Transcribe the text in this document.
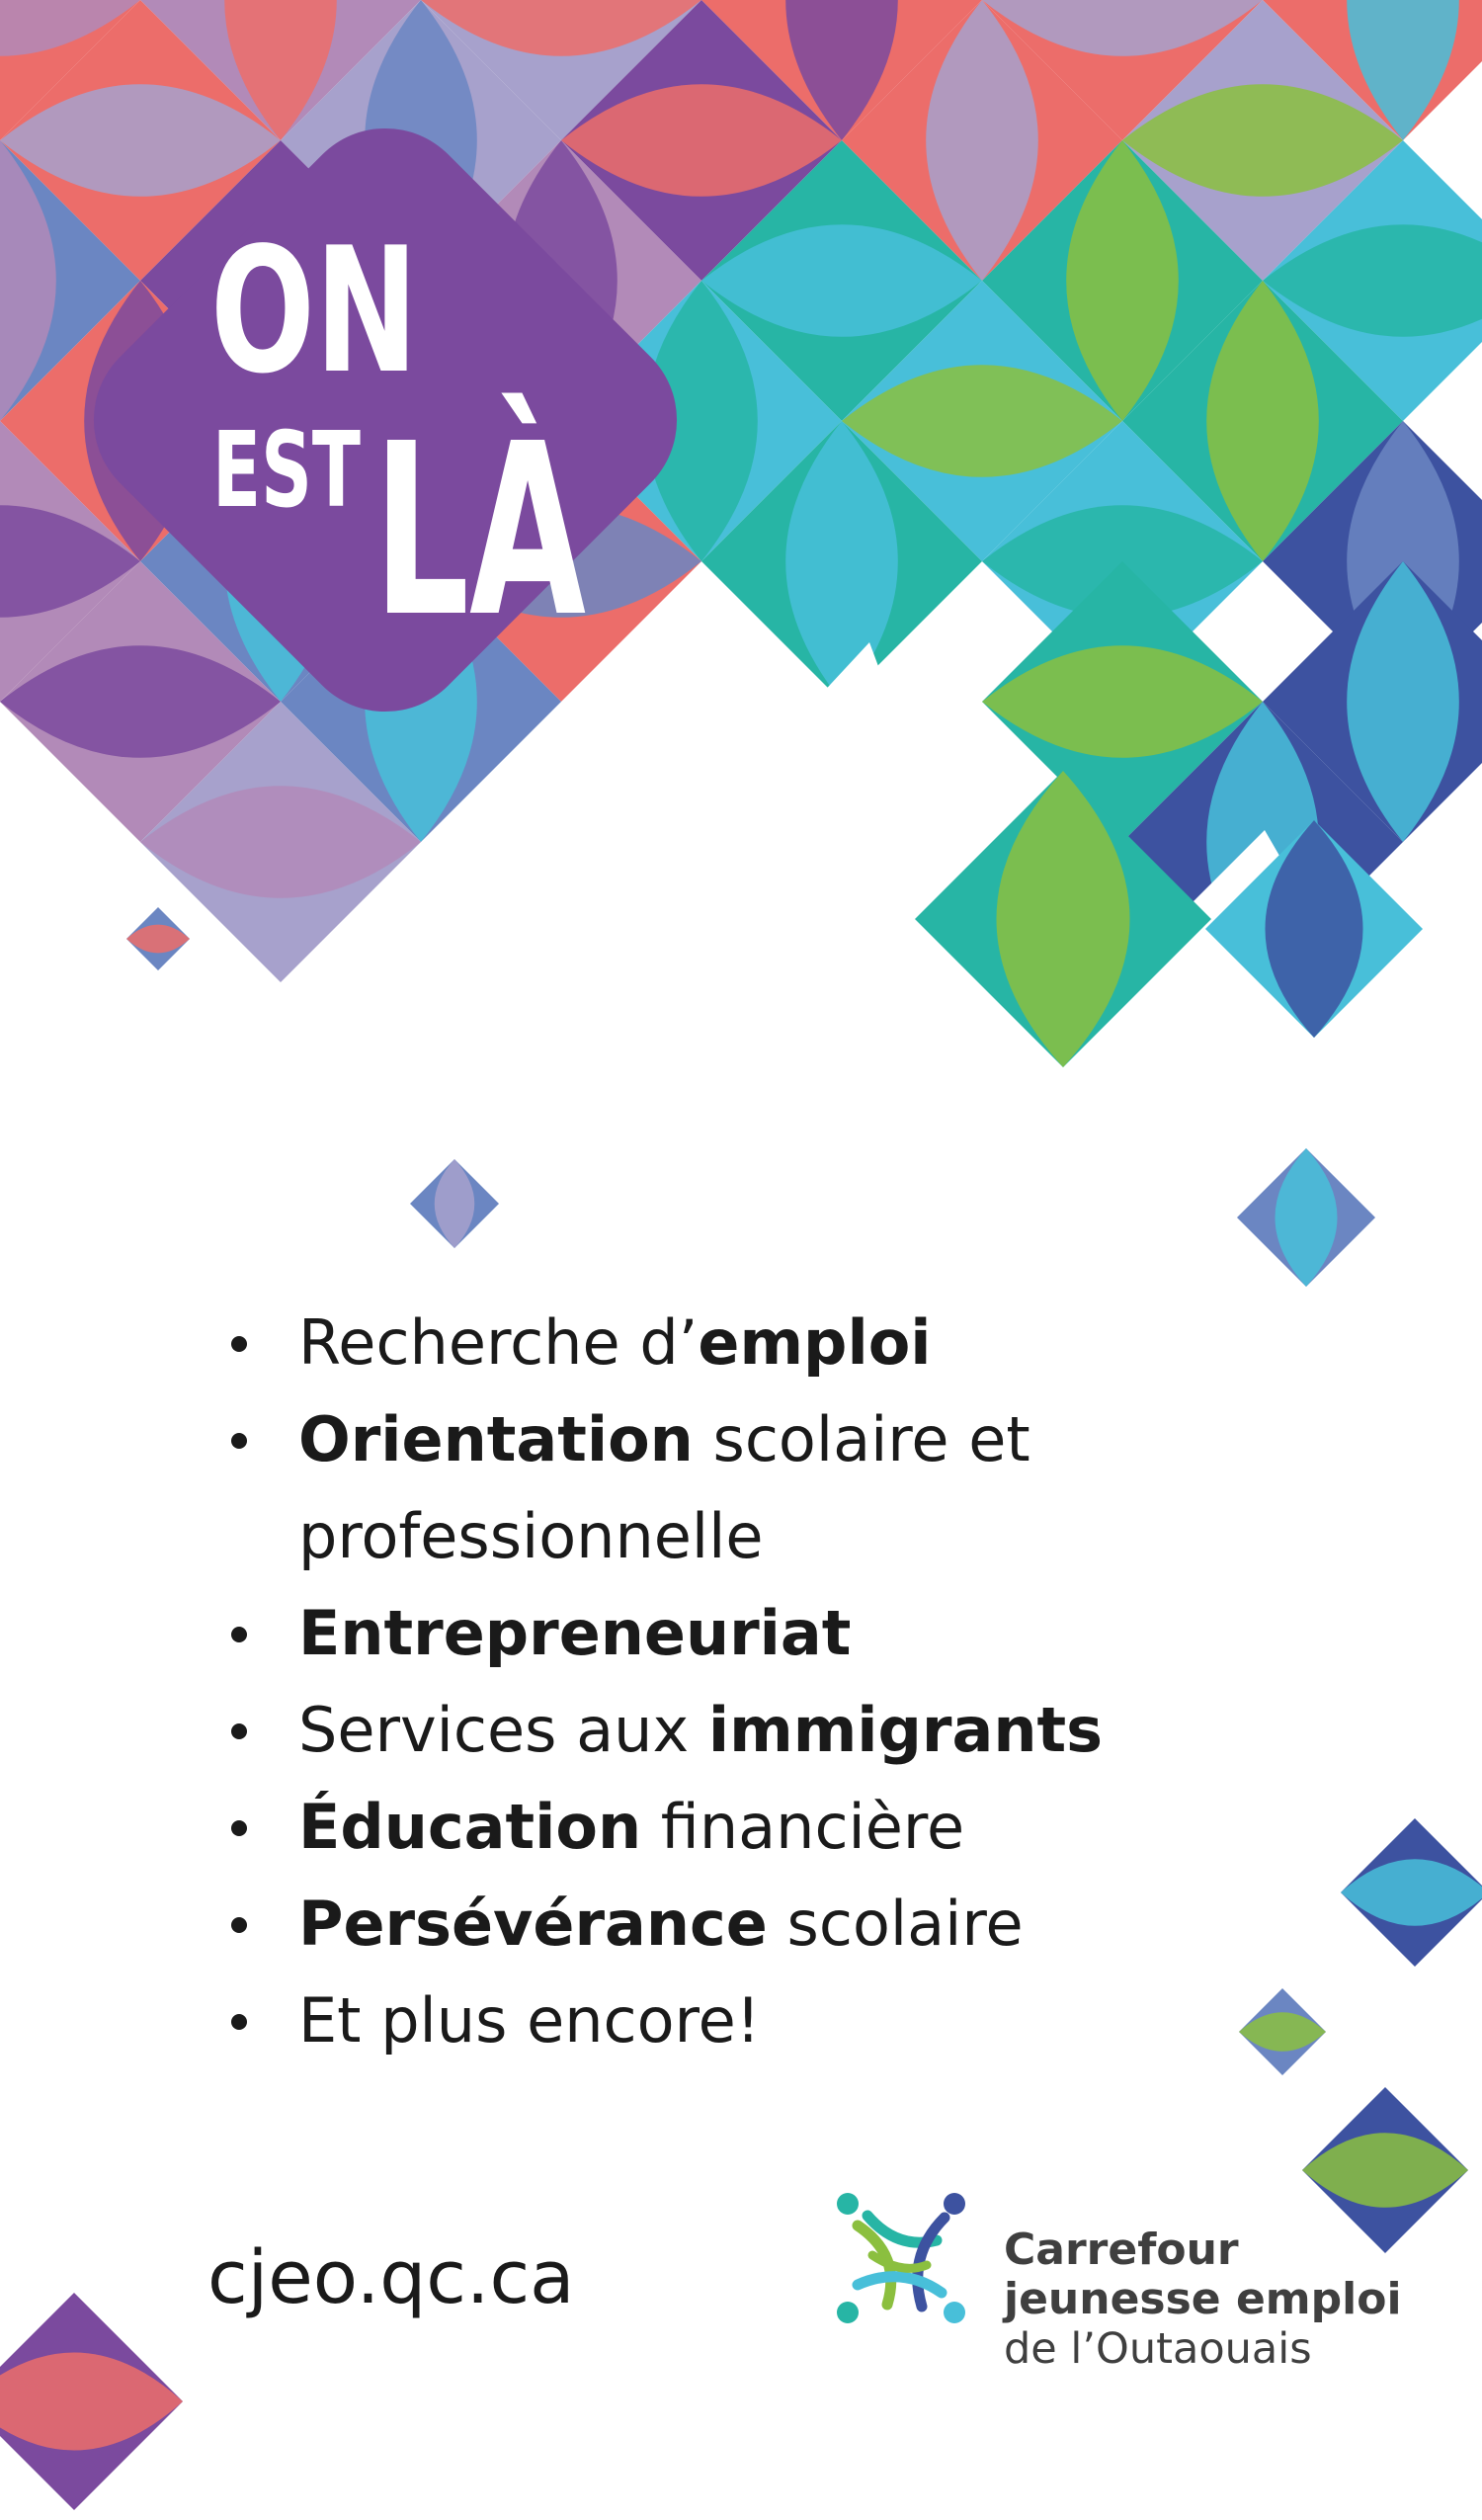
ON
EST LÀ
Recherche d’emploi
Orientation scolaire et professionnelle
Entrepreneuriat
Services aux immigrants
Éducation financière
Persévérance scolaire
Et plus encore!
cjeo.qc.ca	Carrefour
jeunesse emploi
de l’Outaouais
